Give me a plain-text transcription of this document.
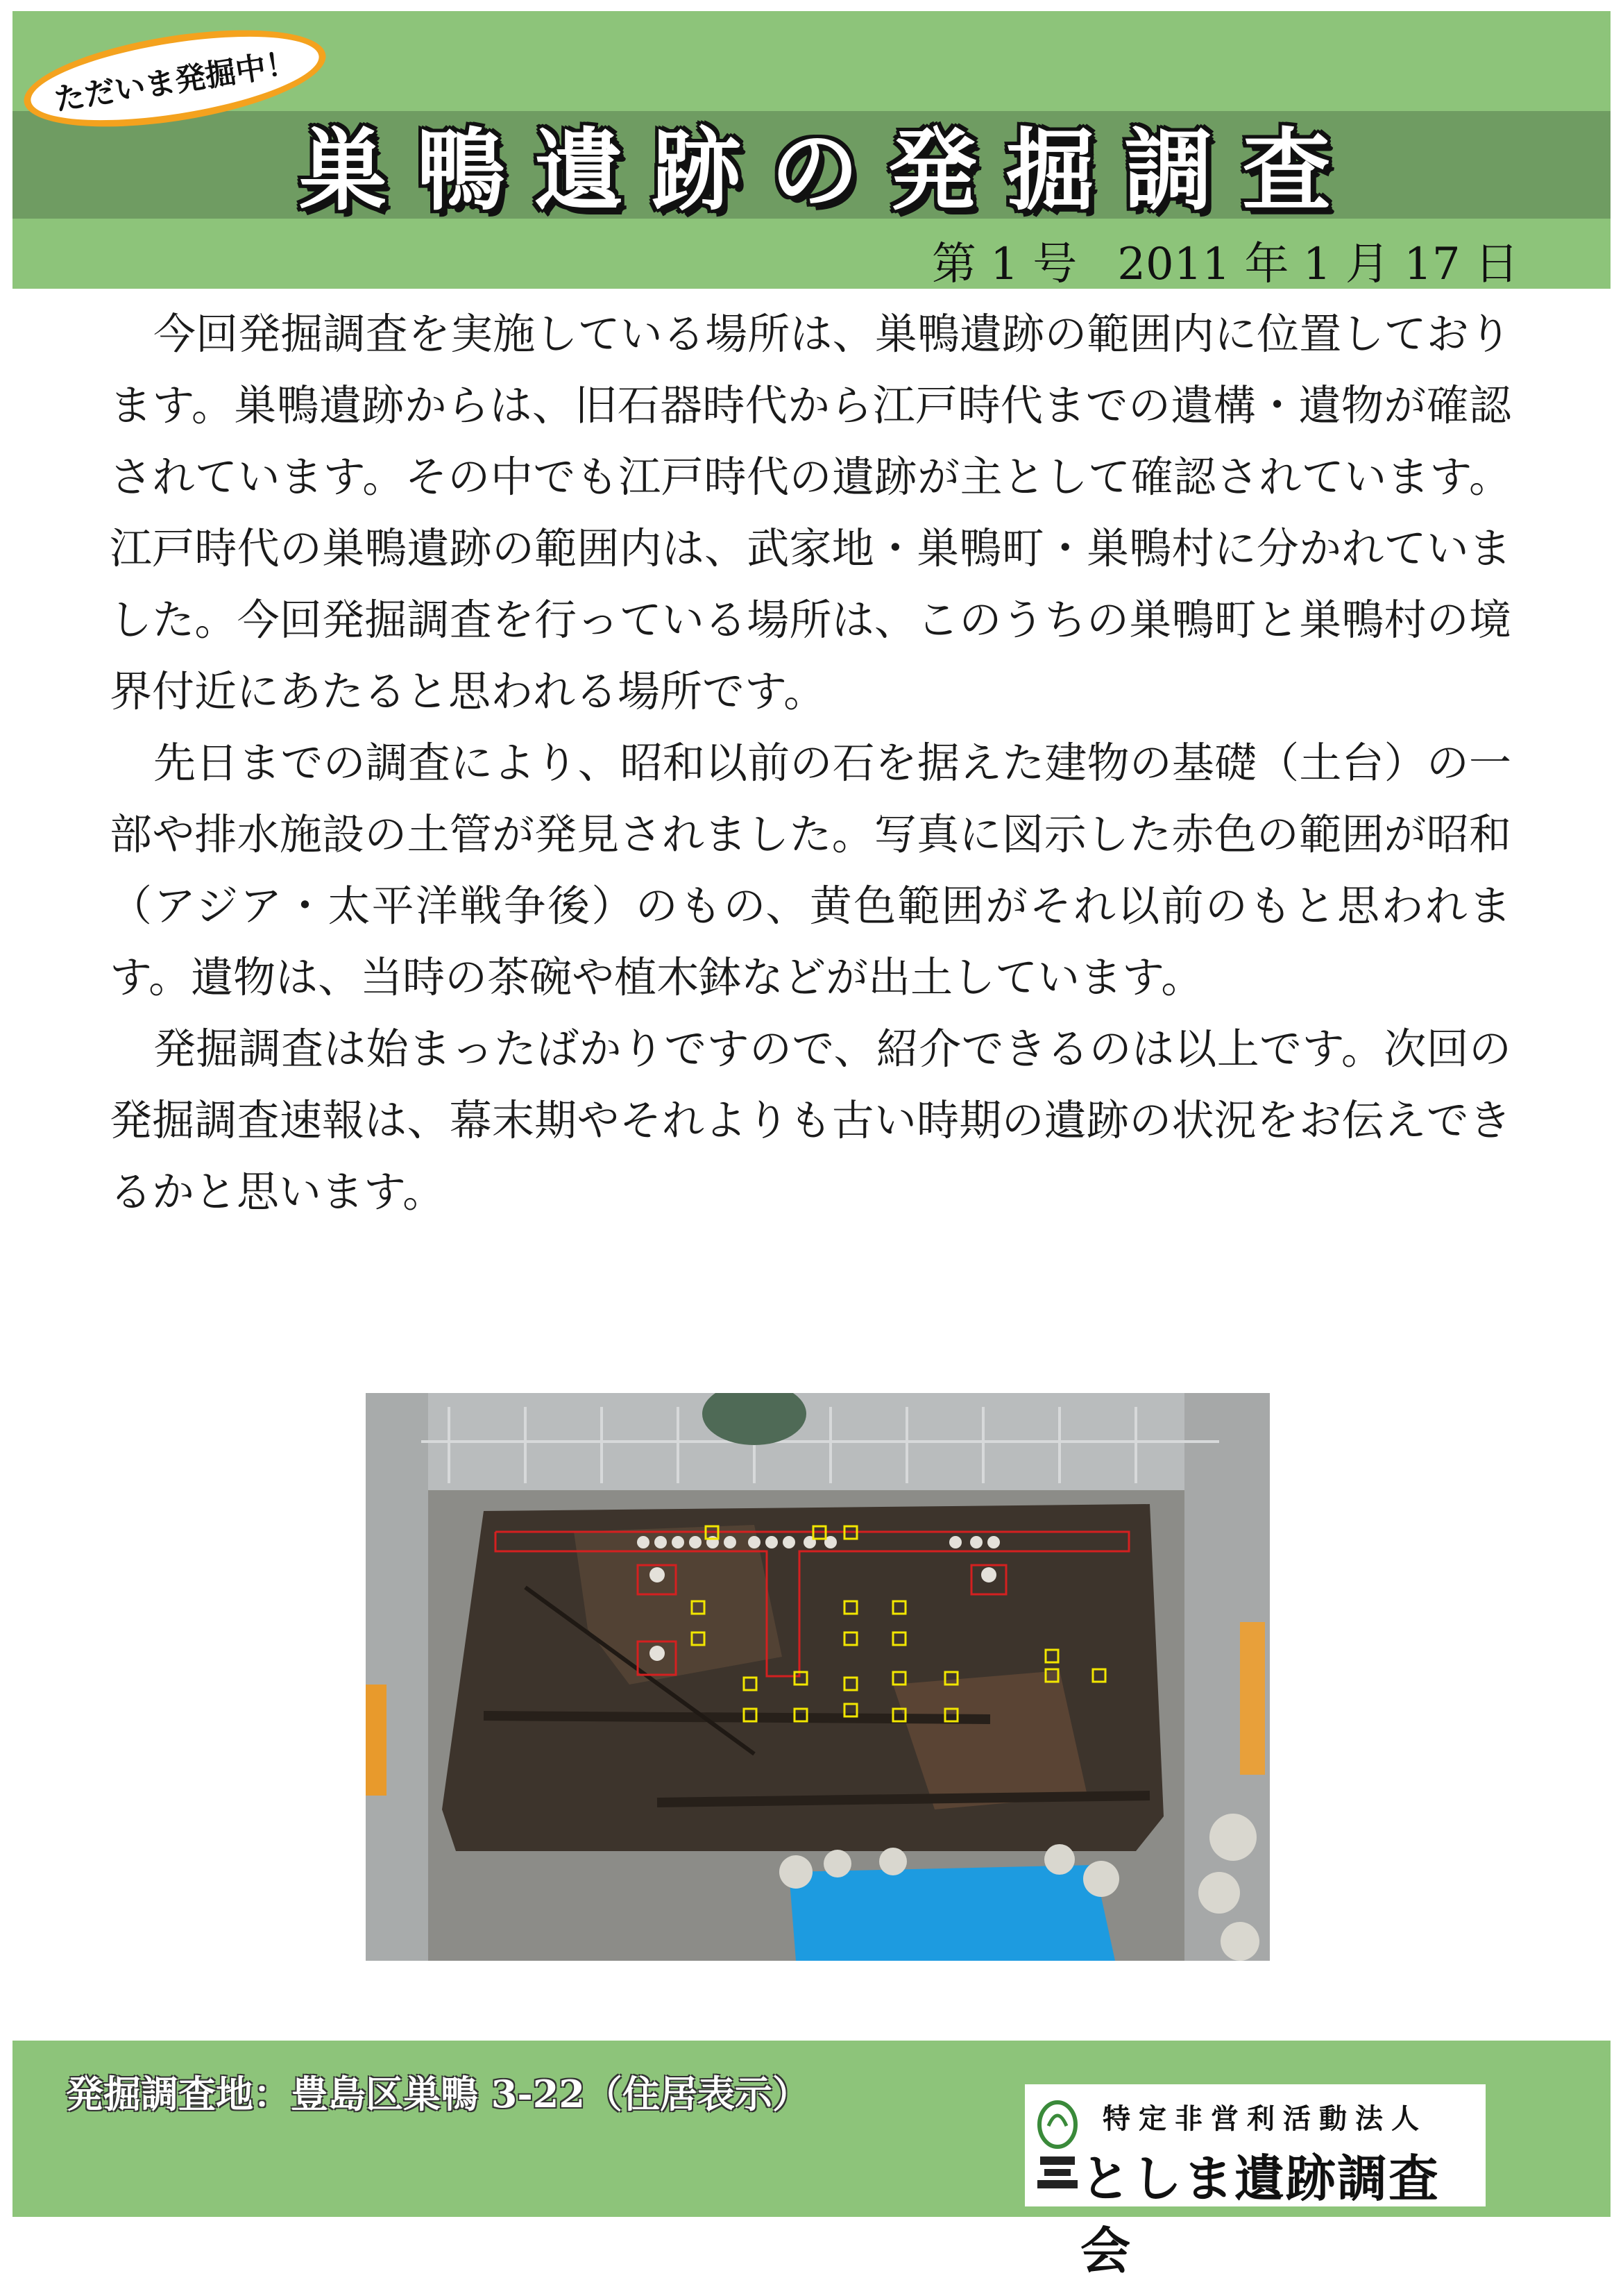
ただいま発掘中！
巣鴨遺跡の発掘調査
第 1 号 2011 年 1 月 17 日

今回発掘調査を実施している場所は、巣鴨遺跡の範囲内に位置しております。巣鴨遺跡からは、旧石器時代から江戸時代までの遺構・遺物が確認されています。その中でも江戸時代の遺跡が主として確認されています。江戸時代の巣鴨遺跡の範囲内は、武家地・巣鴨町・巣鴨村に分かれていました。今回発掘調査を行っている場所は、このうちの巣鴨町と巣鴨村の境界付近にあたると思われる場所です。

先日までの調査により、昭和以前の石を据えた建物の基礎（土台）の一部や排水施設の土管が発見されました。写真に図示した赤色の範囲が昭和（アジア・太平洋戦争後）のもの、黄色範囲がそれ以前のもと思われます。遺物は、当時の茶碗や植木鉢などが出土しています。

発掘調査は始まったばかりですので、紹介できるのは以上です。次回の発掘調査速報は、幕末期やそれよりも古い時期の遺跡の状況をお伝えできるかと思います。

発掘調査地：豊島区巣鴨 3-22（住居表示）
特定非営利活動法人
としま遺跡調査会
